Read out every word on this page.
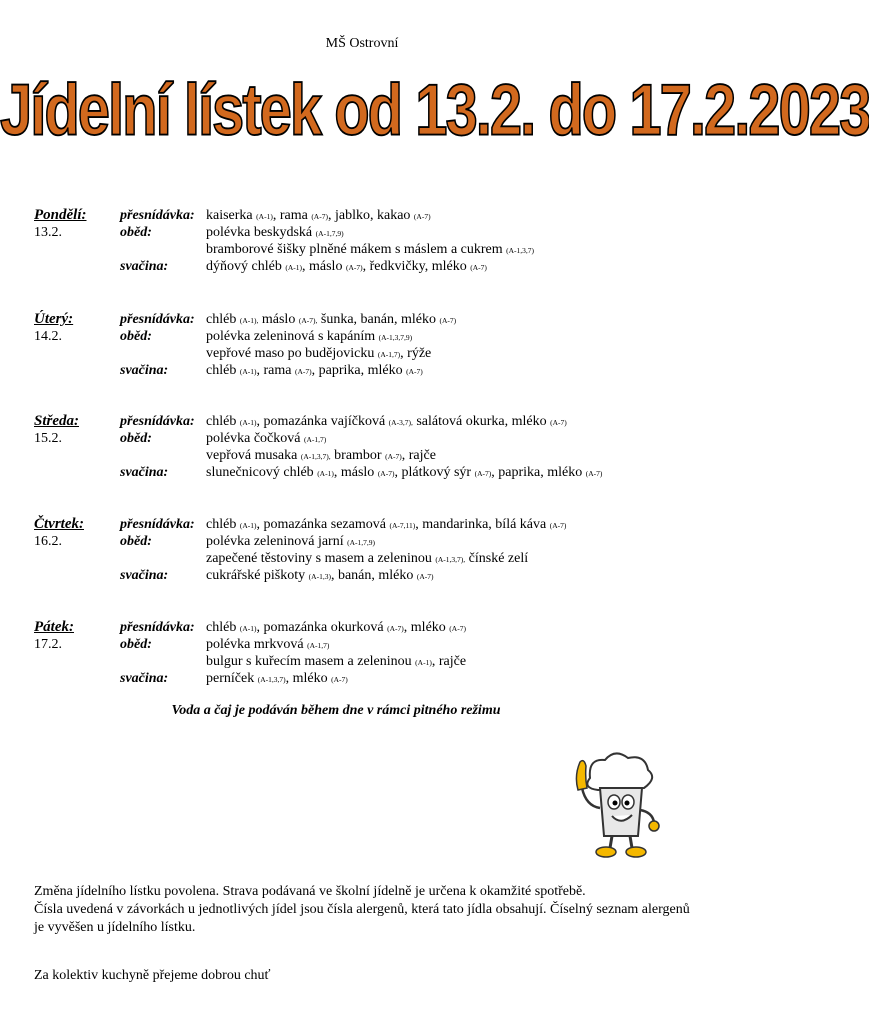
MŠ Ostrovní
Jídelní lístek od 13.2. do 17.2.2023
Pondělí: přesnídávka: kaiserka (A-1), rama (A-7), jablko, kakao (A-7)
13.2.	oběd:	polévka beskydská (A-1,7,9)
bramborové šišky plněné mákem s máslem a cukrem (A-1,3,7)
svačina:	dýňový chléb (A-1), máslo (A-7), ředkvičky, mléko (A-7)
Úterý:	přesnídávka: chléb (A-1), máslo (A-7), šunka, banán, mléko (A-7)
14.2.	oběd:	polévka zeleninová s kapáním (A-1,3,7,9)
vepřové maso po budějovicku (A-1,7), rýže
svačina:	chléb (A-1), rama (A-7), paprika, mléko (A-7)
Středa:	přesnídávka: chléb (A-1), pomazánka vajíčková (A-3,7), salátová okurka, mléko (A-7)
15.2.	oběd:	polévka čočková (A-1,7)
vepřová musaka (A-1,3,7), brambor (A-7), rajče
svačina:	slunečnicový chléb (A-1), máslo (A-7), plátkový sýr (A-7), paprika, mléko (A-7)
Čtvrtek:	přesnídávka: chléb (A-1), pomazánka sezamová (A-7,11), mandarinka, bílá káva (A-7)
16.2.	oběd:	polévka zeleninová jarní (A-1,7,9)
zapečené těstoviny s masem a zeleninou (A-1,3,7), čínské zelí
svačina:	cukrářské piškoty (A-1,3), banán, mléko (A-7)
Pátek:	přesnídávka: chléb (A-1), pomazánka okurková (A-7), mléko (A-7)
17.2.	oběd:	polévka mrkvová (A-1,7)
bulgur s kuřecím masem a zeleninou (A-1), rajče
svačina:	perníček (A-1,3,7), mléko (A-7)
Voda a čaj je podáván během dne v rámci pitného režimu
Změna jídelního lístku povolena. Strava podávaná ve školní jídelně je určena k okamžité spotřebě.
Čísla uvedená v závorkách u jednotlivých jídel jsou čísla alergenů, která tato jídla obsahují. Číselný seznam alergenů je vyvěšen u jídelního lístku.
Za kolektiv kuchyně přejeme dobrou chuť
